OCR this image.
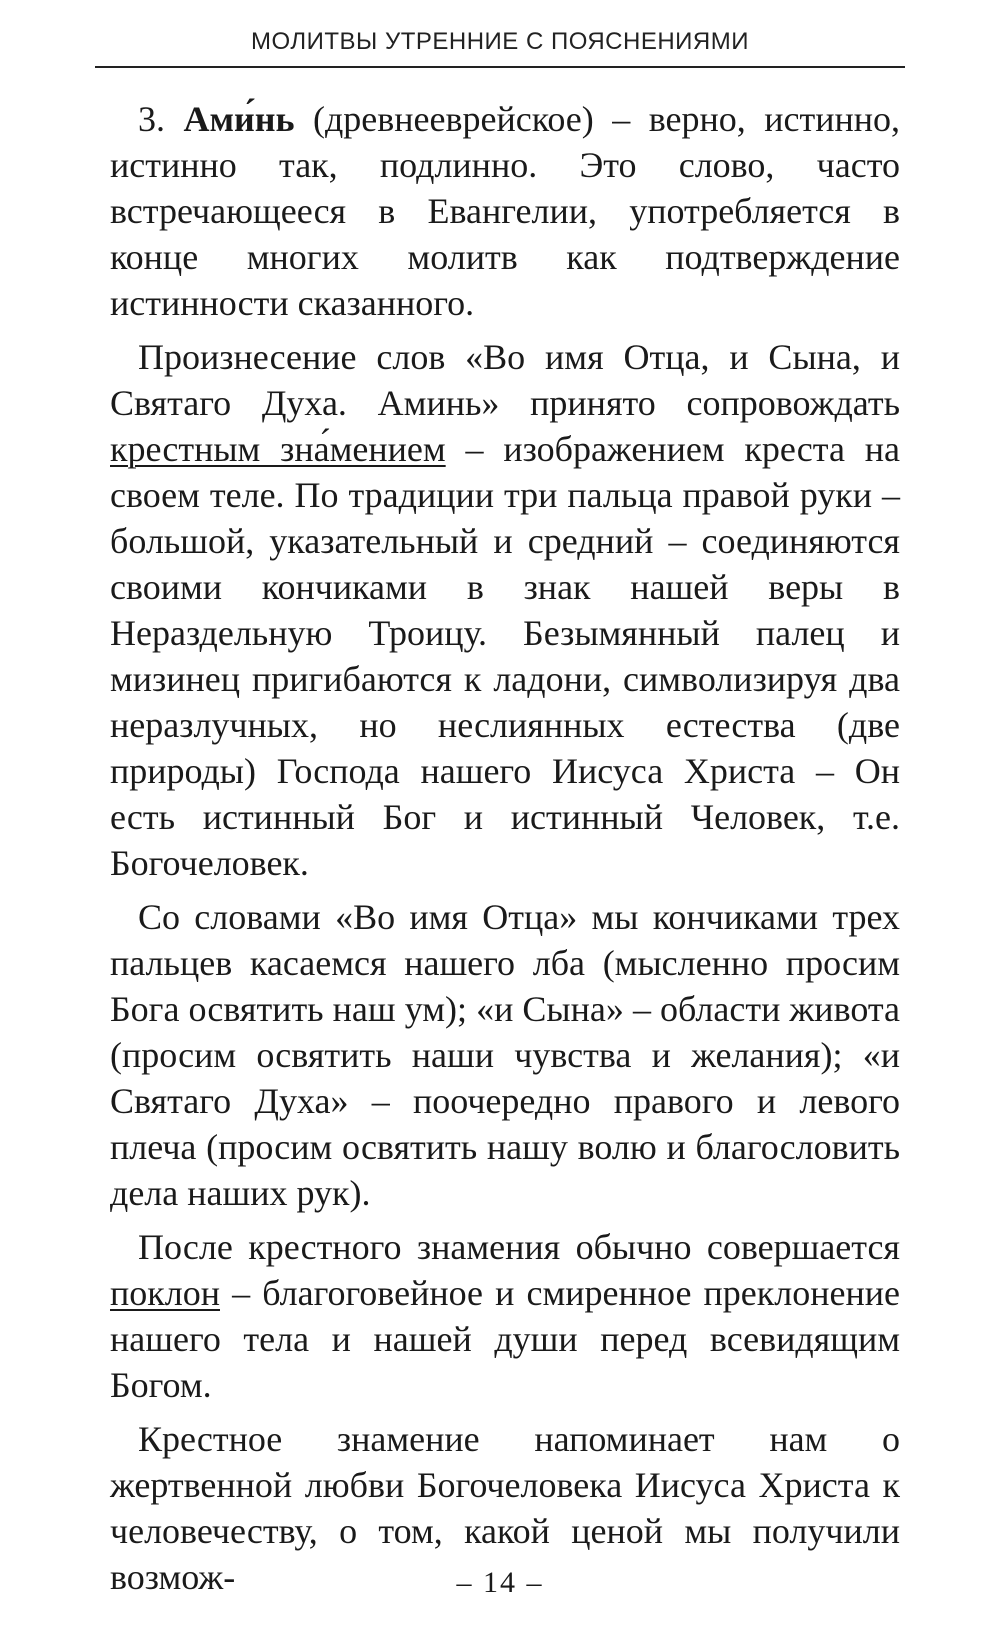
МОЛИТВЫ УТРЕННИЕ С ПОЯСНЕНИЯМИ

3. Ами́нь (древнееврейское) – верно, истинно, истинно так, подлинно. Это слово, часто встречающееся в Евангелии, употребляется в конце многих молитв как подтверждение истинности сказанного.

Произнесение слов «Во имя Отца, и Сына, и Святаго Духа. Аминь» принято сопровождать крестным зна́мением – изображением креста на своем теле. По традиции три пальца правой руки – большой, указательный и средний – соединяются своими кончиками в знак нашей веры в Нераздельную Троицу. Безымянный палец и мизинец пригибаются к ладони, символизируя два неразлучных, но неслиянных естества (две природы) Господа нашего Иисуса Христа – Он есть истинный Бог и истинный Человек, т.е. Богочеловек.

Со словами «Во имя Отца» мы кончиками трех пальцев касаемся нашего лба (мысленно просим Бога освятить наш ум); «и Сына» – области живота (просим освятить наши чувства и желания); «и Святаго Духа» – поочередно правого и левого плеча (просим освятить нашу волю и благословить дела наших рук).

После крестного знамения обычно совершается поклон – благоговейное и смиренное преклонение нашего тела и нашей души перед всевидящим Богом.

Крестное знамение напоминает нам о жертвенной любви Богочеловека Иисуса Христа к человечеству, о том, какой ценой мы получили возмож-	– 14 –
